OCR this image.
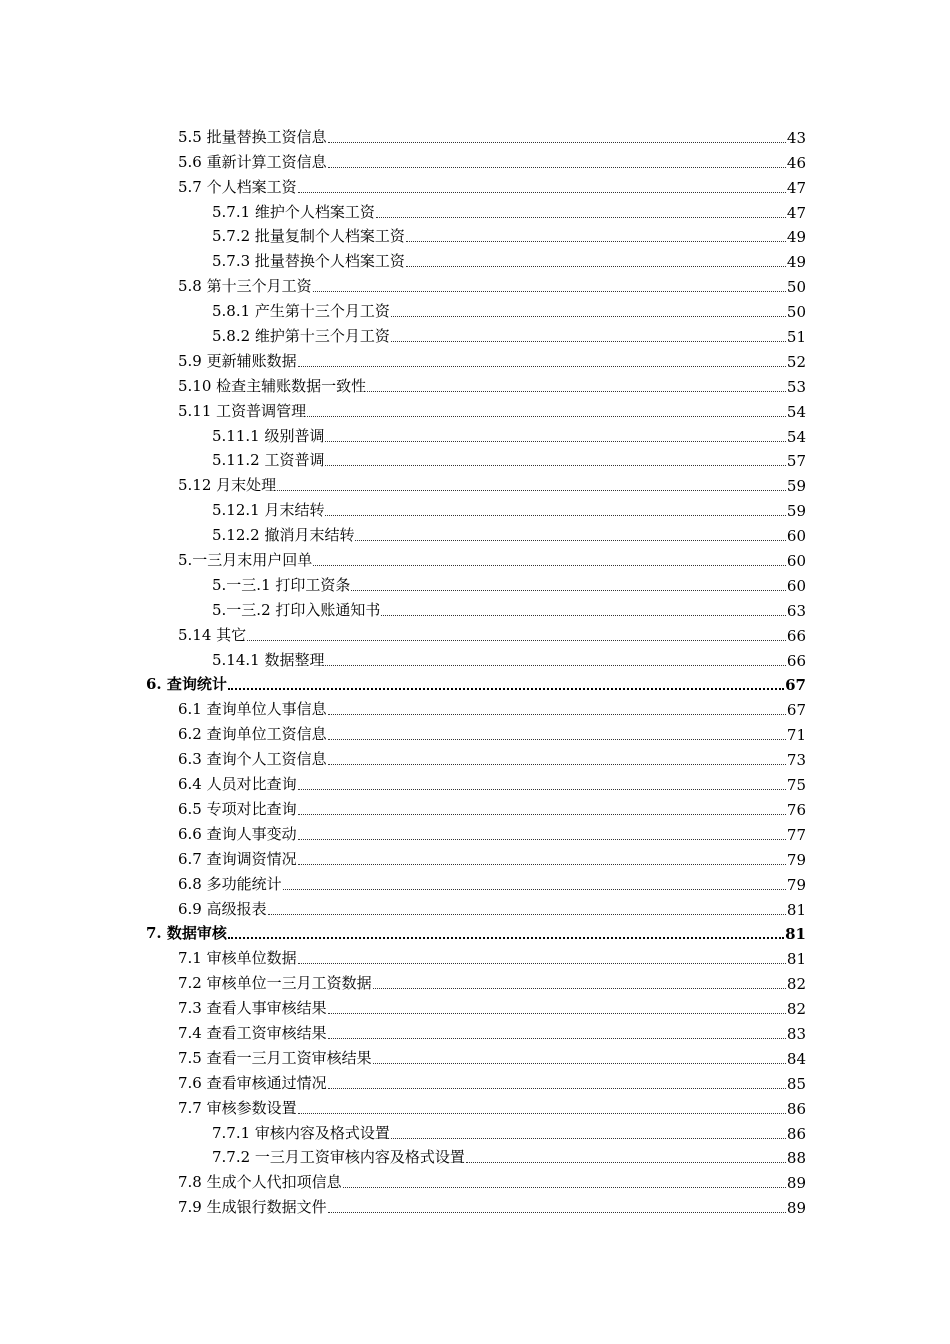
5.5 批量替换工资信息	43
5.6 重新计算工资信息	46
5.7 个人档案工资	47
5.7.1 维护个人档案工资	47
5.7.2 批量复制个人档案工资	49
5.7.3 批量替换个人档案工资	49
5.8 第十三个月工资	50
5.8.1 产生第十三个月工资	50
5.8.2 维护第十三个月工资	51
5.9 更新辅账数据	52
5.10 检查主辅账数据一致性	53
5.11 工资普调管理	54
5.11.1 级别普调	54
5.11.2 工资普调	57
5.12 月末处理	59
5.12.1 月末结转	59
5.12.2 撤消月末结转	60
5.一三月末用户回单	60
5.一三.1 打印工资条	60
5.一三.2 打印入账通知书	63
5.14 其它	66
5.14.1 数据整理	66
6. 查询统计	67
6.1 查询单位人事信息	67
6.2 查询单位工资信息	71
6.3 查询个人工资信息	73
6.4 人员对比查询	75
6.5 专项对比查询	76
6.6 查询人事变动	77
6.7 查询调资情况	79
6.8 多功能统计	79
6.9 高级报表	81
7. 数据审核	81
7.1 审核单位数据	81
7.2 审核单位一三月工资数据	82
7.3 查看人事审核结果	82
7.4 查看工资审核结果	83
7.5 查看一三月工资审核结果	84
7.6 查看审核通过情况	85
7.7 审核参数设置	86
7.7.1 审核内容及格式设置	86
7.7.2 一三月工资审核内容及格式设置	88
7.8 生成个人代扣项信息	89
7.9 生成银行数据文件	89
